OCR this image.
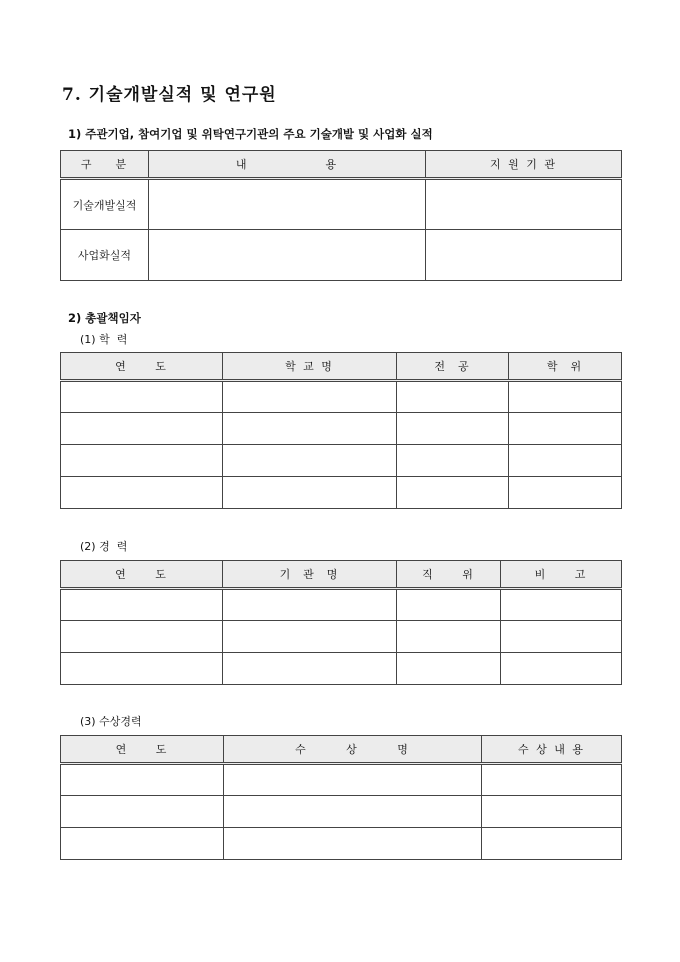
7. 기술개발실적 및 연구원
1) 주관기업, 참여기업 및 위탁연구기관의 주요 기술개발 및 사업화 실적
구    분	내              용	지 원 기 관
기술개발실적		
사업화실적		
2) 총괄책임자
(1) 학  력
연     도	학 교 명	전  공	학  위

(2) 경  력
연     도	기  관  명	직     위	비     고

(3) 수상경력
연     도	수       상       명	수 상 내 용
